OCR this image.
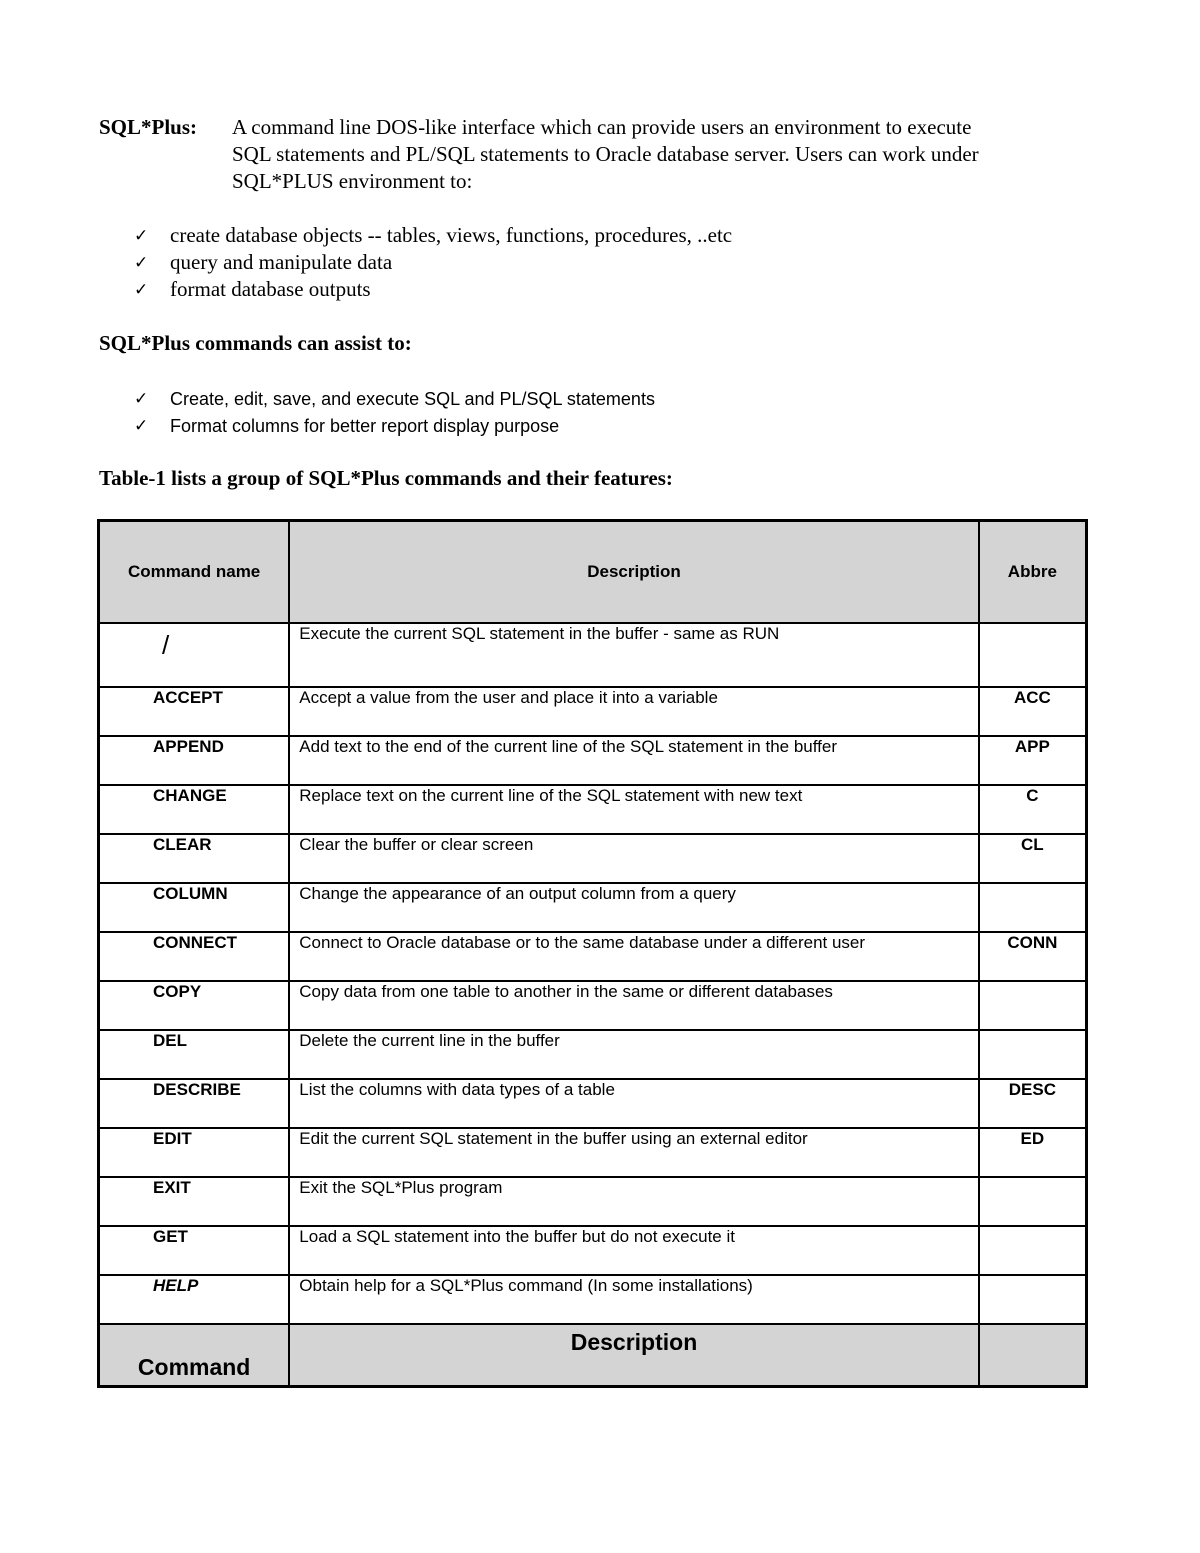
SQL*Plus: A command line DOS-like interface which can provide users an environment to execute
SQL statements and PL/SQL statements to Oracle database server. Users can work under
SQL*PLUS environment to:
✓ create database objects -- tables, views, functions, procedures, ..etc
✓ query and manipulate data
✓ format database outputs
SQL*Plus commands can assist to:
✓ Create, edit, save, and execute SQL and PL/SQL statements
✓ Format columns for better report display purpose
Table-1 lists a group of SQL*Plus commands and their features:
Command name	Description	Abbre
/	Execute the current SQL statement in the buffer - same as RUN	
ACCEPT	Accept a value from the user and place it into a variable	ACC
APPEND	Add text to the end of the current line of the SQL statement in the buffer	APP
CHANGE	Replace text on the current line of the SQL statement with new text	C
CLEAR	Clear the buffer or clear screen	CL
COLUMN	Change the appearance of an output column from a query	
CONNECT	Connect to Oracle database or to the same database under a different user	CONN
COPY	Copy data from one table to another in the same or different databases	
DEL	Delete the current line in the buffer	
DESCRIBE	List the columns with data types of a table	DESC
EDIT	Edit the current SQL statement in the buffer using an external editor	ED
EXIT	Exit the SQL*Plus program	
GET	Load a SQL statement into the buffer but do not execute it	
HELP	Obtain help for a SQL*Plus command (In some installations)	
Command	Description	
